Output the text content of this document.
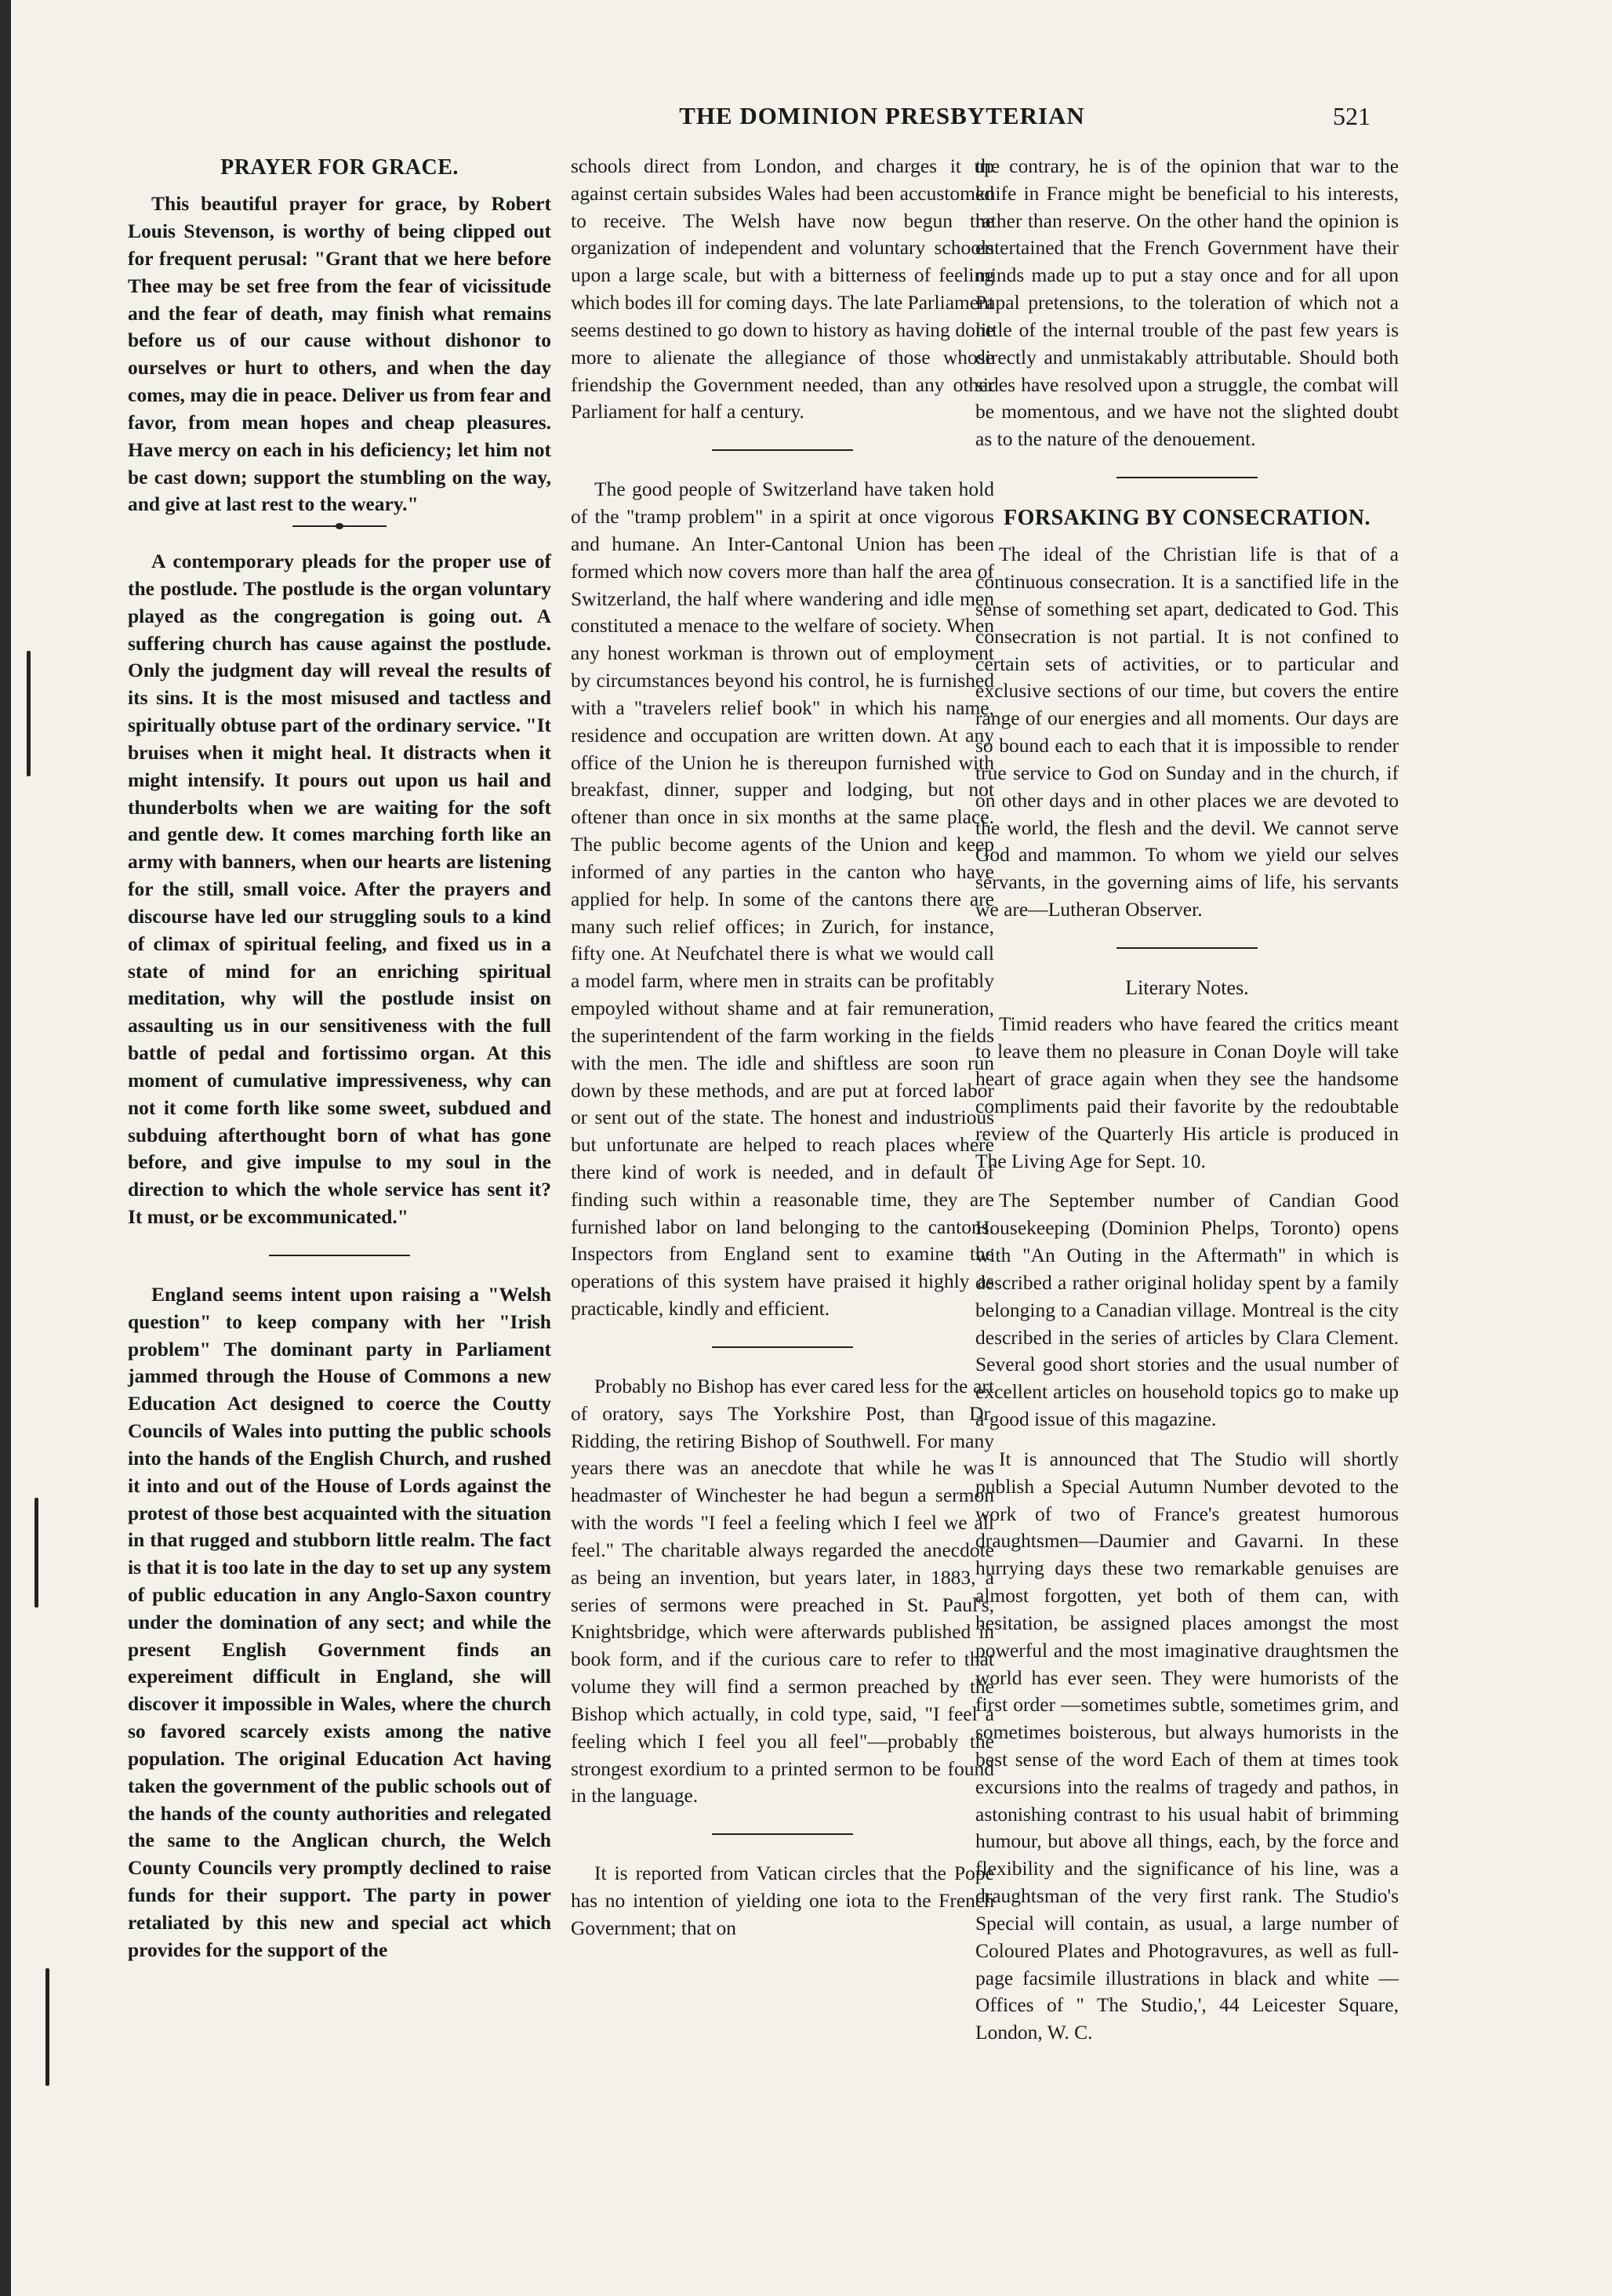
THE DOMINION PRESBYTERIAN	521
PRAYER FOR GRACE.

This beautiful prayer for grace, by Robert Louis Stevenson, is worthy of being clipped out for frequent perusal: "Grant that we here before Thee may be set free from the fear of vicissitude and the fear of death, may finish what remains before us of our cause without dishonor to ourselves or hurt to others, and when the day comes, may die in peace. Deliver us from fear and favor, from mean hopes and cheap pleasures. Have mercy on each in his deficiency; let him not be cast down; support the stumbling on the way, and give at last rest to the weary."

A contemporary pleads for the proper use of the postlude. The postlude is the organ voluntary played as the congregation is going out. A suffering church has cause against the postlude. Only the judgment day will reveal the results of its sins. It is the most misused and tactless and spiritually obtuse part of the ordinary service. "It bruises when it might heal. It distracts when it might intensify. It pours out upon us hail and thunderbolts when we are waiting for the soft and gentle dew. It comes marching forth like an army with banners, when our hearts are listening for the still, small voice. After the prayers and discourse have led our struggling souls to a kind of climax of spiritual feeling, and fixed us in a state of mind for an enriching spiritual meditation, why will the postlude insist on assaulting us in our sensitiveness with the full battle of pedal and fortissimo organ. At this moment of cumulative impressiveness, why can not it come forth like some sweet, subdued and subduing afterthought born of what has gone before, and give impulse to my soul in the direction to which the whole service has sent it? It must, or be excommunicated."

England seems intent upon raising a "Welsh question" to keep company with her "Irish problem" The dominant party in Parliament jammed through the House of Commons a new Education Act designed to coerce the Coutty Councils of Wales into putting the public schools into the hands of the English Church, and rushed it into and out of the House of Lords against the protest of those best acquainted with the situation in that rugged and stubborn little realm. The fact is that it is too late in the day to set up any system of public education in any Anglo-Saxon country under the domination of any sect; and while the present English Government finds an expereiment difficult in England, she will discover it impossible in Wales, where the church so favored scarcely exists among the native population. The original Education Act having taken the government of the public schools out of the hands of the county authorities and relegated the same to the Anglican church, the Welch County Councils very promptly declined to raise funds for their support. The party in power retaliated by this new and special act which provides for the support of the

schools direct from London, and charges it up against certain subsides Wales had been accustomed to receive. The Welsh have now begun the organization of independent and voluntary schools upon a large scale, but with a bitterness of feeling which bodes ill for coming days. The late Parliament seems destined to go down to history as having done more to alienate the allegiance of those whose friendship the Government needed, than any other Parliament for half a century.

The good people of Switzerland have taken hold of the "tramp problem" in a spirit at once vigorous and humane. An Inter-Cantonal Union has been formed which now covers more than half the area of Switzerland, the half where wandering and idle men constituted a menace to the welfare of society. When any honest workman is thrown out of employment by circumstances beyond his control, he is furnished with a "travelers relief book" in which his name, residence and occupation are written down. At any office of the Union he is thereupon furnished with breakfast, dinner, supper and lodging, but not oftener than once in six months at the same place. The public become agents of the Union and keep informed of any parties in the canton who have applied for help. In some of the cantons there are many such relief offices; in Zurich, for instance, fifty one. At Neufchatel there is what we would call a model farm, where men in straits can be profitably empoyled without shame and at fair remuneration, the superintendent of the farm working in the fields with the men. The idle and shiftless are soon run down by these methods, and are put at forced labor or sent out of the state. The honest and industrious but unfortunate are helped to reach places where there kind of work is needed, and in default of finding such within a reasonable time, they are furnished labor on land belonging to the cantons. Inspectors from England sent to examine the operations of this system have praised it highly as practicable, kindly and efficient.

Probably no Bishop has ever cared less for the art of oratory, says The Yorkshire Post, than Dr. Ridding, the retiring Bishop of Southwell. For many years there was an anecdote that while he was headmaster of Winchester he had begun a sermon with the words "I feel a feeling which I feel we all feel." The charitable always regarded the anecdote as being an invention, but years later, in 1883, a series of sermons were preached in St. Paul's, Knightsbridge, which were afterwards published in book form, and if the curious care to refer to that volume they will find a sermon preached by the Bishop which actually, in cold type, said, "I feel a feeling which I feel you all feel"—probably the strongest exordium to a printed sermon to be found in the language.

It is reported from Vatican circles that the Pope has no intention of yielding one iota to the French Government; that on

the contrary, he is of the opinion that war to the knife in France might be beneficial to his interests, rather than reserve. On the other hand the opinion is entertained that the French Government have their minds made up to put a stay once and for all upon Papal pretensions, to the toleration of which not a little of the internal trouble of the past few years is directly and unmistakably attributable. Should both sides have resolved upon a struggle, the combat will be momentous, and we have not the slighted doubt as to the nature of the denouement.

FORSAKING BY CONSECRATION.

The ideal of the Christian life is that of a continuous consecration. It is a sanctified life in the sense of something set apart, dedicated to God. This consecration is not partial. It is not confined to certain sets of activities, or to particular and exclusive sections of our time, but covers the entire range of our energies and all moments. Our days are so bound each to each that it is impossible to render true service to God on Sunday and in the church, if on other days and in other places we are devoted to the world, the flesh and the devil. We cannot serve God and mammon. To whom we yield our selves servants, in the governing aims of life, his servants we are—Lutheran Observer.

Literary Notes.

Timid readers who have feared the critics meant to leave them no pleasure in Conan Doyle will take heart of grace again when they see the handsome compliments paid their favorite by the redoubtable review of the Quarterly His article is produced in The Living Age for Sept. 10.

The September number of Candian Good Housekeeping (Dominion Phelps, Toronto) opens with "An Outing in the Aftermath" in which is described a rather original holiday spent by a family belonging to a Canadian village. Montreal is the city described in the series of articles by Clara Clement. Several good short stories and the usual number of excellent articles on household topics go to make up a good issue of this magazine.

It is announced that The Studio will shortly publish a Special Autumn Number devoted to the work of two of France's greatest humorous draughtsmen—Daumier and Gavarni. In these hurrying days these two remarkable genuises are almost forgotten, yet both of them can, with hesitation, be assigned places amongst the most powerful and the most imaginative draughtsmen the world has ever seen. They were humorists of the first order —sometimes subtle, sometimes grim, and sometimes boisterous, but always humorists in the best sense of the word Each of them at times took excursions into the realms of tragedy and pathos, in astonishing contrast to his usual habit of brimming humour, but above all things, each, by the force and flexibility and the significance of his line, was a draughtsman of the very first rank. The Studio's Special will contain, as usual, a large number of Coloured Plates and Photogravures, as well as full-page facsimile illustrations in black and white — Offices of " The Studio,', 44 Leicester Square, London, W. C.
